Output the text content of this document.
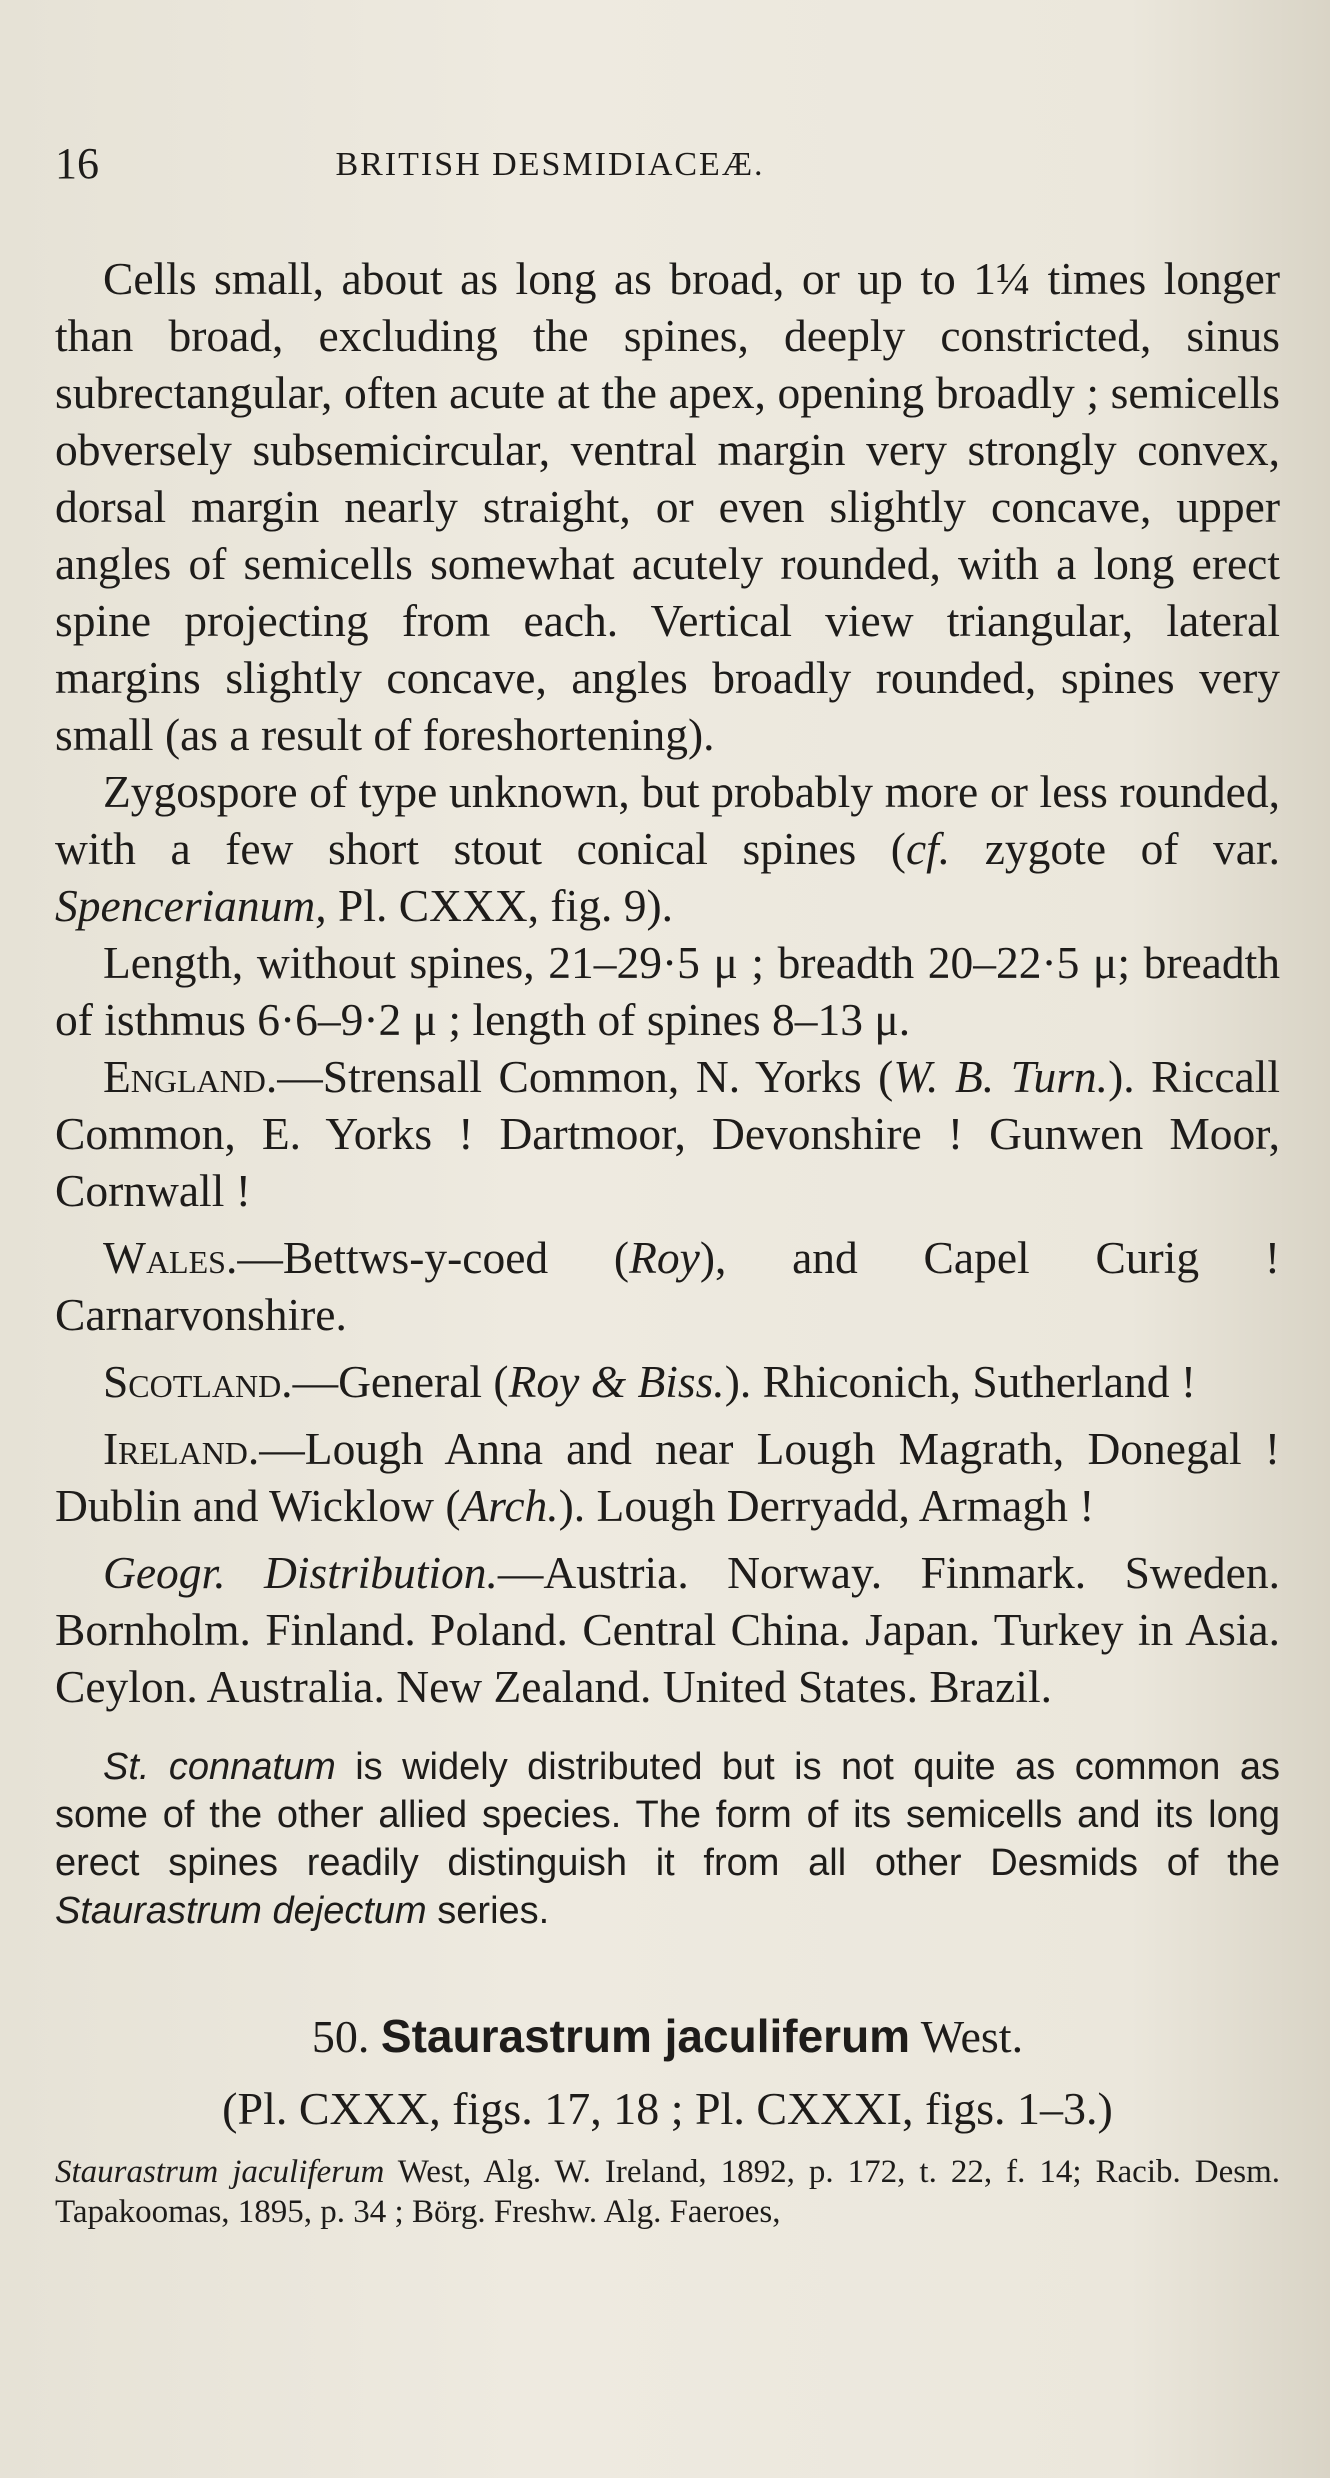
16	BRITISH DESMIDIACEÆ.

Cells small, about as long as broad, or up to 1¼ times longer than broad, excluding the spines, deeply constricted, sinus subrectangular, often acute at the apex, opening broadly ; semicells obversely subsemicircular, ventral margin very strongly convex, dorsal margin nearly straight, or even slightly concave, upper angles of semicells somewhat acutely rounded, with a long erect spine projecting from each. Vertical view triangular, lateral margins slightly concave, angles broadly rounded, spines very small (as a result of foreshortening).

Zygospore of type unknown, but probably more or less rounded, with a few short stout conical spines (cf. zygote of var. Spencerianum, Pl. CXXX, fig. 9).

Length, without spines, 21–29·5 μ ; breadth 20–22·5 μ; breadth of isthmus 6·6–9·2 μ ; length of spines 8–13 μ.

England.—Strensall Common, N. Yorks (W. B. Turn.). Riccall Common, E. Yorks ! Dartmoor, Devonshire ! Gunwen Moor, Cornwall !

Wales.—Bettws-y-coed (Roy), and Capel Curig ! Carnarvonshire.

Scotland.—General (Roy & Biss.). Rhiconich, Sutherland !

Ireland.—Lough Anna and near Lough Magrath, Donegal ! Dublin and Wicklow (Arch.). Lough Derryadd, Armagh !

Geogr. Distribution.—Austria. Norway. Finmark. Sweden. Bornholm. Finland. Poland. Central China. Japan. Turkey in Asia. Ceylon. Australia. New Zealand. United States. Brazil.

St. connatum is widely distributed but is not quite as common as some of the other allied species. The form of its semicells and its long erect spines readily distinguish it from all other Desmids of the Staurastrum dejectum series.

50. Staurastrum jaculiferum West.
(Pl. CXXX, figs. 17, 18 ; Pl. CXXXI, figs. 1–3.)
Staurastrum jaculiferum West, Alg. W. Ireland, 1892, p. 172, t. 22, f. 14; Racib. Desm. Tapakoomas, 1895, p. 34 ; Börg. Freshw. Alg. Faeroes,
